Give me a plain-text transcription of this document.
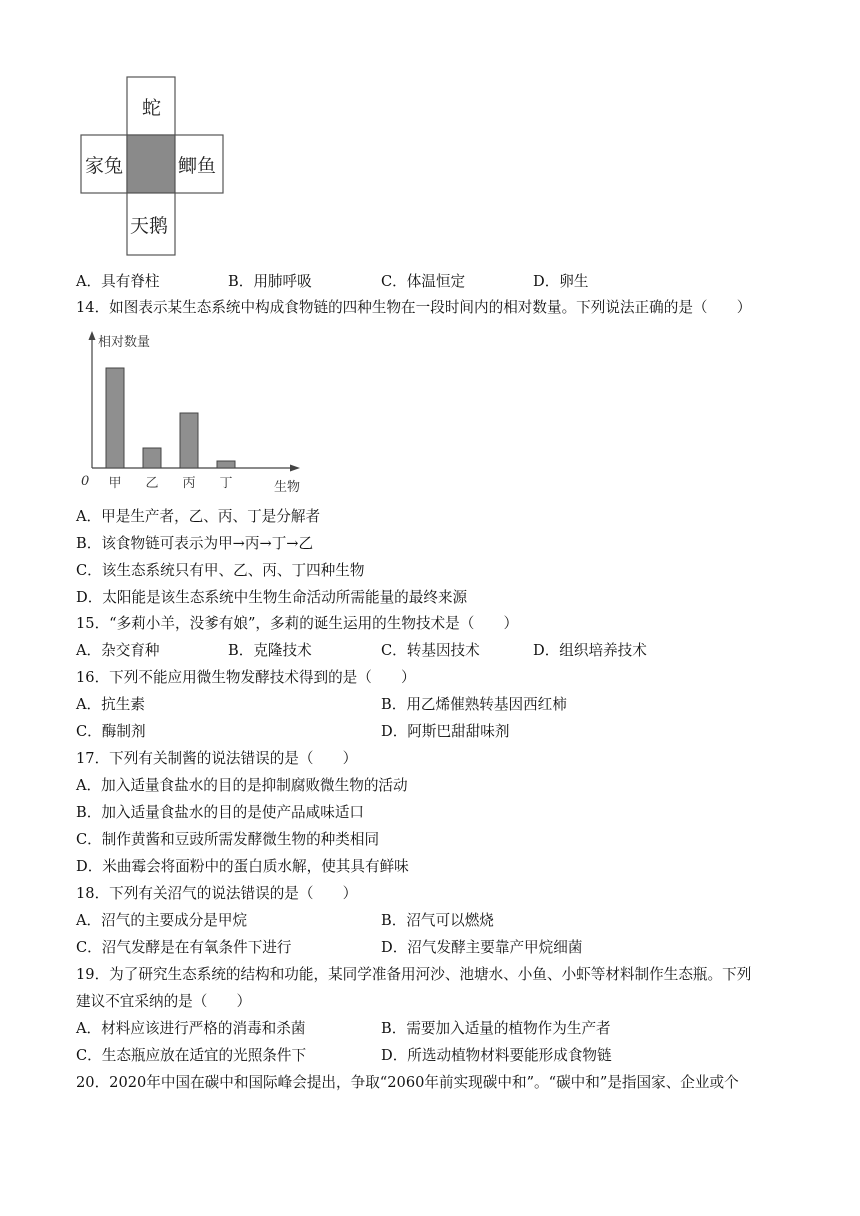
蛇
家兔	鲫鱼
天鹅
A．具有脊柱	B．用肺呼吸	C．体温恒定	D．卵生
14．如图表示某生态系统中构成食物链的四种生物在一段时间内的相对数量。下列说法正确的是（　　）
相对数量
0	生物
甲 乙 丙 丁
A．甲是生产者，乙、丙、丁是分解者
B．该食物链可表示为甲→丙→丁→乙
C．该生态系统只有甲、乙、丙、丁四种生物
D．太阳能是该生态系统中生物生命活动所需能量的最终来源
15．“多莉小羊，没爹有娘”，多莉的诞生运用的生物技术是（　　）
A．杂交育种	B．克隆技术	C．转基因技术	D．组织培养技术
16．下列不能应用微生物发酵技术得到的是（　　）
A．抗生素	B．用乙烯催熟转基因西红柿
C．酶制剂	D．阿斯巴甜甜味剂
17．下列有关制酱的说法错误的是（　　）
A．加入适量食盐水的目的是抑制腐败微生物的活动
B．加入适量食盐水的目的是使产品咸味适口
C．制作黄酱和豆豉所需发酵微生物的种类相同
D．米曲霉会将面粉中的蛋白质水解，使其具有鲜味
18．下列有关沼气的说法错误的是（　　）
A．沼气的主要成分是甲烷	B．沼气可以燃烧
C．沼气发酵是在有氧条件下进行	D．沼气发酵主要靠产甲烷细菌
19．为了研究生态系统的结构和功能，某同学准备用河沙、池塘水、小鱼、小虾等材料制作生态瓶。下列
建议不宜采纳的是（　　）
A．材料应该进行严格的消毒和杀菌	B．需要加入适量的植物作为生产者
C．生态瓶应放在适宜的光照条件下	D．所选动植物材料要能形成食物链
20．2020年中国在碳中和国际峰会提出，争取“2060年前实现碳中和”。“碳中和”是指国家、企业或个
